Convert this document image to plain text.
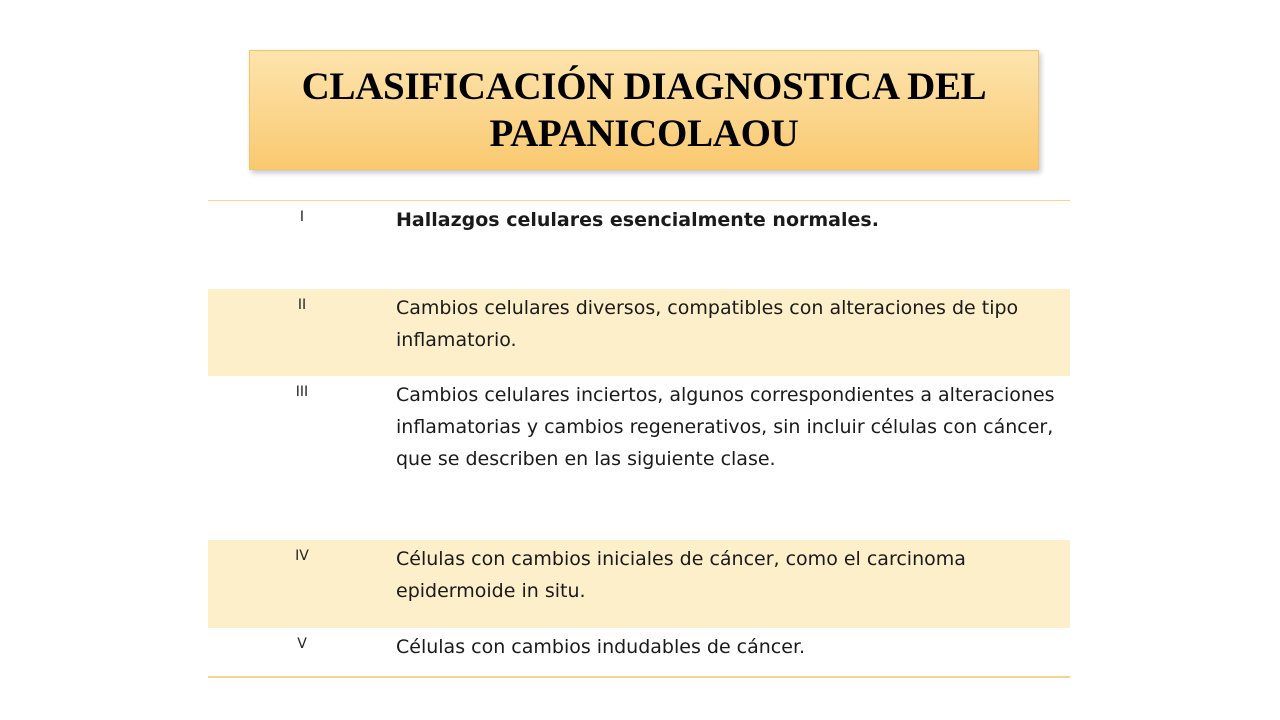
CLASIFICACIÓN DIAGNOSTICA DEL PAPANICOLAOU
I	Hallazgos celulares esencialmente normales.
II	Cambios celulares diversos, compatibles con alteraciones de tipo inflamatorio.
III	Cambios celulares inciertos, algunos correspondientes a alteraciones inflamatorias y cambios regenerativos, sin incluir células con cáncer, que se describen en las siguiente clase.
IV	Células con cambios iniciales de cáncer, como el carcinoma epidermoide in situ.
V	Células con cambios indudables de cáncer.
